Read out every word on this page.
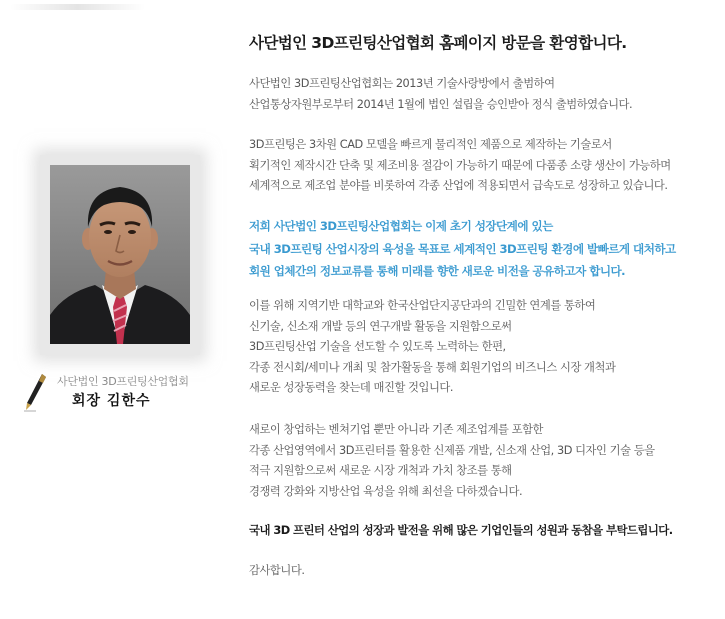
사단법인 3D프린팅산업협회
회장 김한수
사단법인 3D프린팅산업협회 홈페이지 방문을 환영합니다.

사단법인 3D프린팅산업협회는 2013년 기술사랑방에서 출범하여
산업통상자원부로부터 2014년 1월에 법인 설립을 승인받아 정식 출범하였습니다.

3D프린팅은 3차원 CAD 모델을 빠르게 물리적인 제품으로 제작하는 기술로서
획기적인 제작시간 단축 및 제조비용 절감이 가능하기 때문에 다품종 소량 생산이 가능하며
세계적으로 제조업 분야를 비롯하여 각종 산업에 적용되면서 급속도로 성장하고 있습니다.

저희 사단법인 3D프린팅산업협회는 이제 초기 성장단계에 있는
국내 3D프린팅 산업시장의 육성을 목표로 세계적인 3D프린팅 환경에 발빠르게 대처하고
회원 업체간의 정보교류를 통해 미래를 향한 새로운 비전을 공유하고자 합니다.

이를 위해 지역기반 대학교와 한국산업단지공단과의 긴밀한 연계를 통하여
신기술, 신소재 개발 등의 연구개발 활동을 지원함으로써
3D프린팅산업 기술을 선도할 수 있도록 노력하는 한편,
각종 전시회/세미나 개최 및 참가활동을 통해 회원기업의 비즈니스 시장 개척과
새로운 성장동력을 찾는데 매진할 것입니다.

새로이 창업하는 벤쳐기업 뿐만 아니라 기존 제조업계를 포함한
각종 산업영역에서 3D프린터를 활용한 신제품 개발, 신소재 산업, 3D 디자인 기술 등을
적극 지원함으로써 새로운 시장 개척과 가치 창조를 통해
경쟁력 강화와 지방산업 육성을 위해 최선을 다하겠습니다.

국내 3D 프린터 산업의 성장과 발전을 위해 많은 기업인들의 성원과 동참을 부탁드립니다.

감사합니다.
